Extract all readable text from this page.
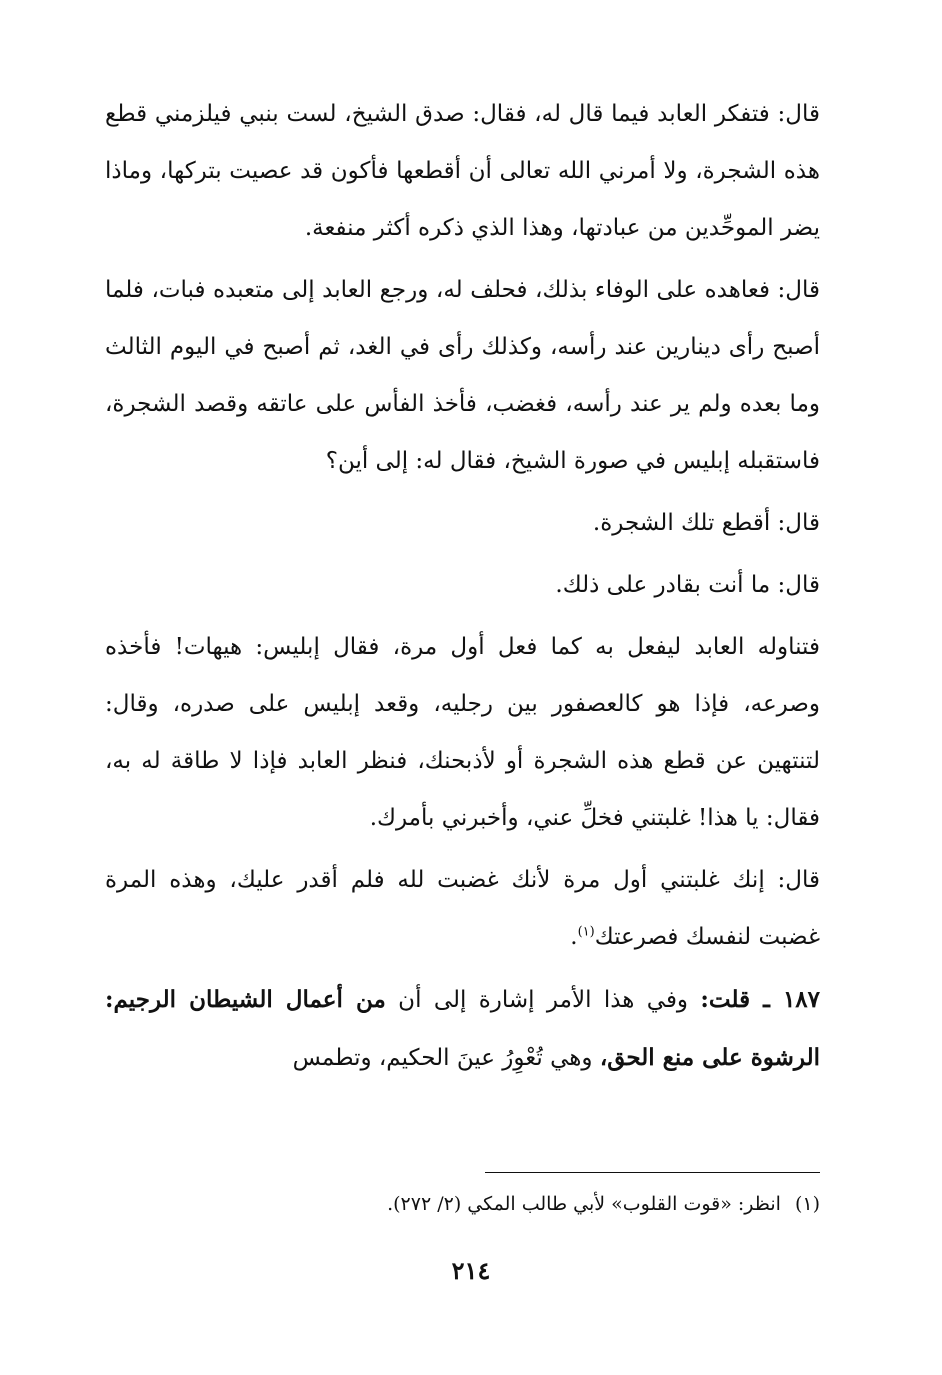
قال: فتفكر العابد فيما قال له، فقال: صدق الشيخ، لست بنبي فيلزمني قطع هذه الشجرة، ولا أمرني الله تعالى أن أقطعها فأكون قد عصيت بتركها، وماذا يضر الموحِّدين من عبادتها، وهذا الذي ذكره أكثر منفعة.

قال: فعاهده على الوفاء بذلك، فحلف له، ورجع العابد إلى متعبده فبات، فلما أصبح رأى دينارين عند رأسه، وكذلك رأى في الغد، ثم أصبح في اليوم الثالث وما بعده ولم ير عند رأسه، فغضب، فأخذ الفأس على عاتقه وقصد الشجرة، فاستقبله إبليس في صورة الشيخ، فقال له: إلى أين؟

قال: أقطع تلك الشجرة.

قال: ما أنت بقادر على ذلك.

فتناوله العابد ليفعل به كما فعل أول مرة، فقال إبليس: هيهات! فأخذه وصرعه، فإذا هو كالعصفور بين رجليه، وقعد إبليس على صدره، وقال: لتنتهين عن قطع هذه الشجرة أو لأذبحنك، فنظر العابد فإذا لا طاقة له به، فقال: يا هذا! غلبتني فخلِّ عني، وأخبرني بأمرك.

قال: إنك غلبتني أول مرة لأنك غضبت لله فلم أقدر عليك، وهذه المرة غضبت لنفسك فصرعتك$^{(١)}$.

١٨٧ ـ قلت: وفي هذا الأمر إشارة إلى أن من أعمال الشيطان الرجيم: الرشوة على منع الحق، وهي تُعْوِرُ عينَ الحكيم، وتطمس

(١)انظر: «قوت القلوب» لأبي طالب المكي (٢/ ٢٧٢).
٢١٤
